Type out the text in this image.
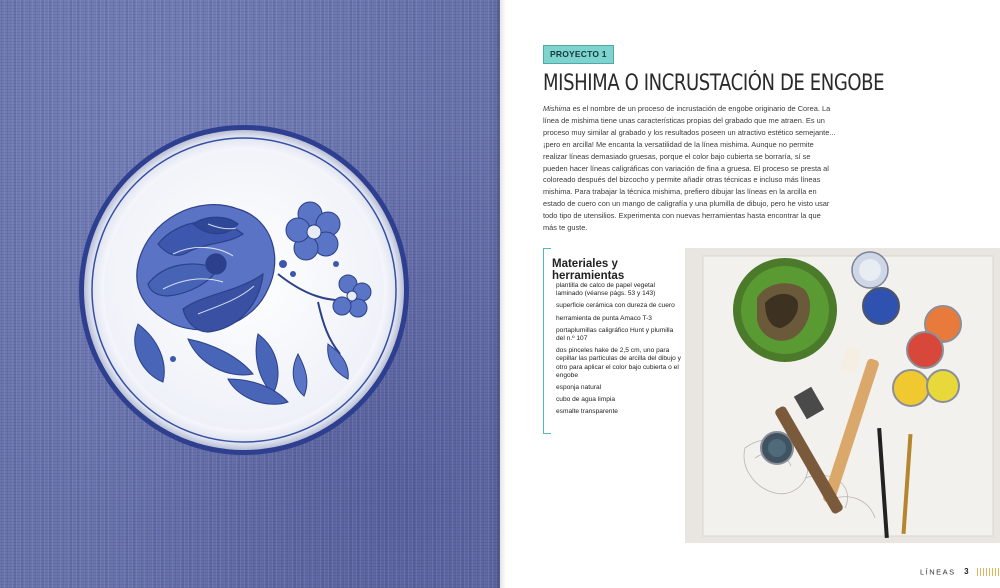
PROYECTO 1
MISHIMA O INCRUSTACIÓN DE ENGOBE

Mishima es el nombre de un proceso de incrustación de engobe originario de Corea. La línea de mishima tiene unas características propias del grabado que me atraen. Es un proceso muy similar al grabado y los resultados poseen un atractivo estético semejante... ¡pero en arcilla! Me encanta la versatilidad de la línea mishima. Aunque no permite realizar líneas demasiado gruesas, porque el color bajo cubierta se borraría, sí se pueden hacer líneas caligráficas con variación de fina a gruesa. El proceso se presta al coloreado después del bizcocho y permite añadir otras técnicas e incluso más líneas mishima. Para trabajar la técnica mishima, prefiero dibujar las líneas en la arcilla en estado de cuero con un mango de caligrafía y una plumilla de dibujo, pero he visto usar todo tipo de utensilios. Experimenta con nuevas herramientas hasta encontrar la que más te guste.

Materiales y herramientas
plantilla de calco de papel vegetal laminado (véanse págs. 53 y 143)
superficie cerámica con dureza de cuero
herramienta de punta Amaco T-3
portaplumillas caligráfico Hunt y plumilla del n.º 107
dos pinceles hake de 2,5 cm, uno para cepillar las partículas de arcilla del dibujo y otro para aplicar el color bajo cubierta o el engobe
esponja natural
cubo de agua limpia
esmalte transparente
LÍNEAS 3
